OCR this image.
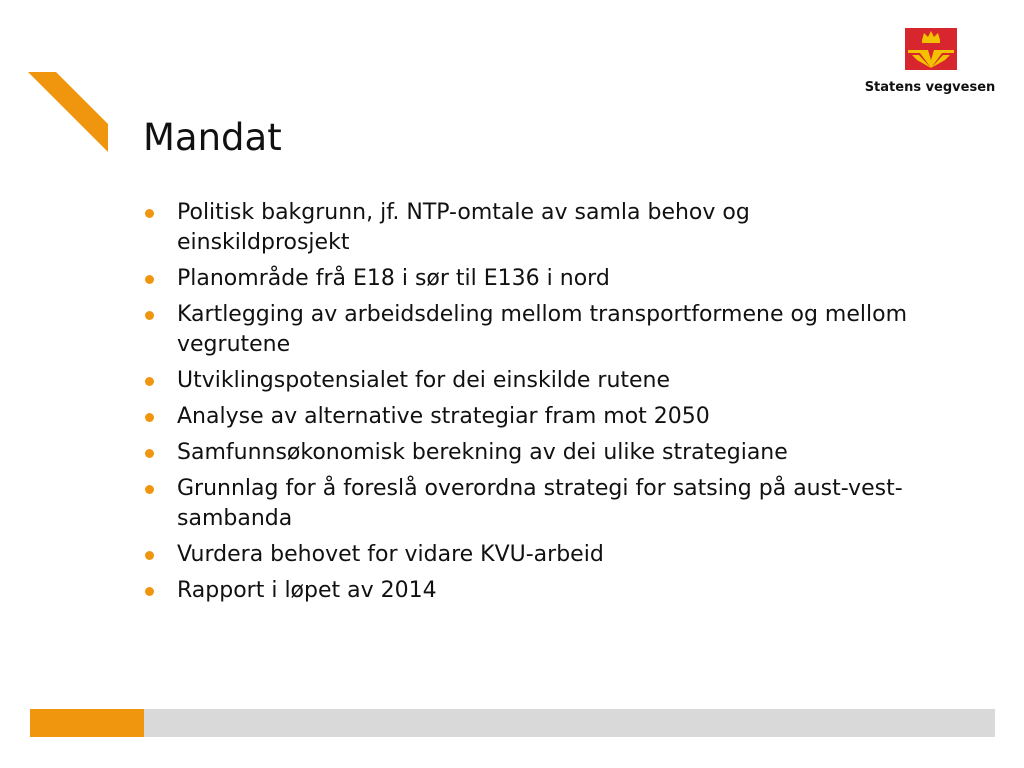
Mandat
Politisk bakgrunn, jf. NTP-omtale av samla behov og einskildprosjekt
Planområde frå E18 i sør til E136 i nord
Kartlegging av arbeidsdeling mellom transportformene og mellom vegrutene
Utviklingspotensialet for dei einskilde rutene
Analyse av alternative strategiar fram mot 2050
Samfunnsøkonomisk berekning av dei ulike strategiane
Grunnlag for å foreslå overordna strategi for satsing på aust-vest-sambanda
Vurdera behovet for vidare KVU-arbeid
Rapport i løpet av 2014
Statens vegvesen
